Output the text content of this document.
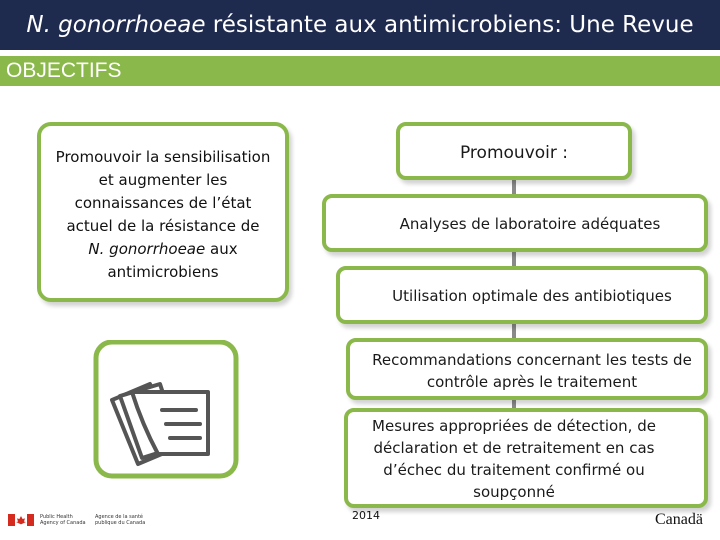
N. gonorrhoeae résistante aux antimicrobiens: Une Revue
OBJECTIFS
Promouvoir la sensibilisation
et augmenter les
connaissances de l’état
actuel de la résistance de
N. gonorrhoeae aux
antimicrobiens
Promouvoir :
Analyses de laboratoire adéquates
Utilisation optimale des antibiotiques
Recommandations concernant les tests de contrôle après le traitement
Mesures appropriées de détection, de déclaration et de retraitement en cas d’échec du traitement confirmé ou soupçonné
Public Health
Agency of Canada
Agence de la santé
publique du Canada
2014	Canadä
